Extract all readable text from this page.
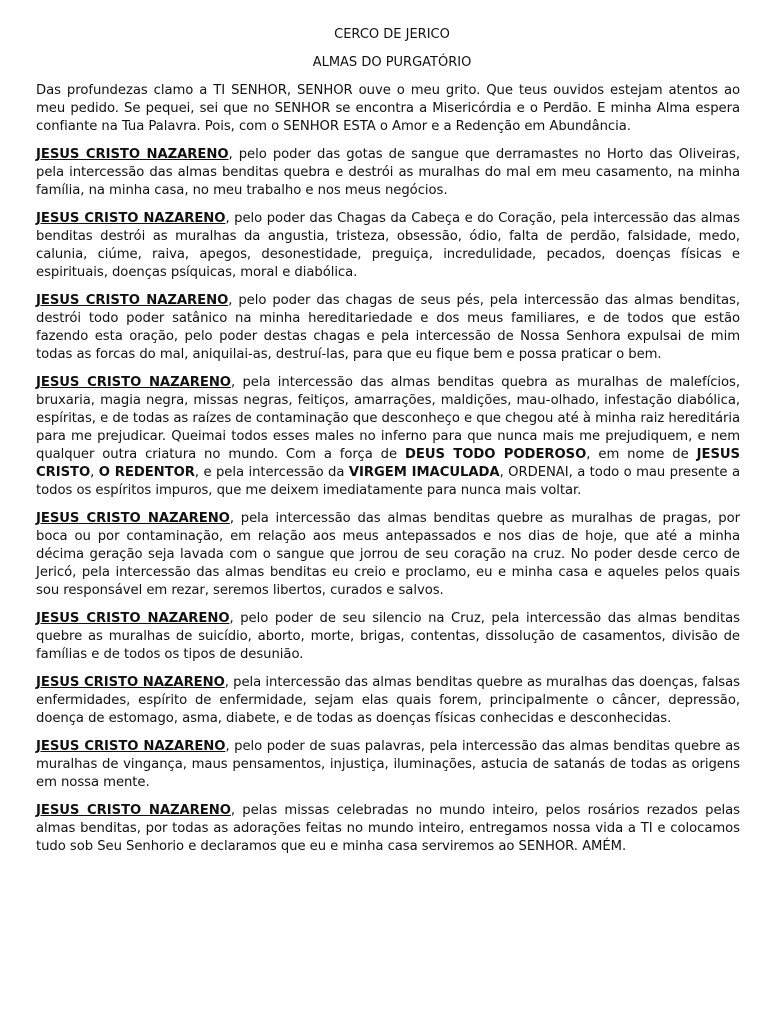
CERCO DE JERICO
ALMAS DO PURGATÓRIO

Das profundezas clamo a TI SENHOR, SENHOR ouve o meu grito. Que teus ouvidos estejam atentos ao meu pedido. Se pequei, sei que no SENHOR se encontra a Misericórdia e o Perdão. E minha Alma espera confiante na Tua Palavra. Pois, com o SENHOR ESTA o Amor e a Redenção em Abundância.

JESUS CRISTO NAZARENO, pelo poder das gotas de sangue que derramastes no Horto das Oliveiras, pela intercessão das almas benditas quebra e destrói as muralhas do mal em meu casamento, na minha família, na minha casa, no meu trabalho e nos meus negócios.

JESUS CRISTO NAZARENO, pelo poder das Chagas da Cabeça e do Coração, pela intercessão das almas benditas destrói as muralhas da angustia, tristeza, obsessão, ódio, falta de perdão, falsidade, medo, calunia, ciúme, raiva, apegos, desonestidade, preguiça, incredulidade, pecados, doenças físicas e espirituais, doenças psíquicas, moral e diabólica.

JESUS CRISTO NAZARENO, pelo poder das chagas de seus pés, pela intercessão das almas benditas, destrói todo poder satânico na minha hereditariedade e dos meus familiares, e de todos que estão fazendo esta oração, pelo poder destas chagas e pela intercessão de Nossa Senhora expulsai de mim todas as forcas do mal, aniquilai-as, destruí-las, para que eu fique bem e possa praticar o bem.

JESUS CRISTO NAZARENO, pela intercessão das almas benditas quebra as muralhas de malefícios, bruxaria, magia negra, missas negras, feitiços, amarrações, maldições, mau-olhado, infestação diabólica, espíritas, e de todas as raízes de contaminação que desconheço e que chegou até à minha raiz hereditária para me prejudicar. Queimai todos esses males no inferno para que nunca mais me prejudiquem, e nem qualquer outra criatura no mundo. Com a força de DEUS TODO PODEROSO, em nome de JESUS CRISTO, O REDENTOR, e pela intercessão da VIRGEM IMACULADA, ORDENAI, a todo o mau presente a todos os espíritos impuros, que me deixem imediatamente para nunca mais voltar.

JESUS CRISTO NAZARENO, pela intercessão das almas benditas quebre as muralhas de pragas, por boca ou por contaminação, em relação aos meus antepassados e nos dias de hoje, que até a minha décima geração seja lavada com o sangue que jorrou de seu coração na cruz. No poder desde cerco de Jericó, pela intercessão das almas benditas eu creio e proclamo, eu e minha casa e aqueles pelos quais sou responsável em rezar, seremos libertos, curados e salvos.

JESUS CRISTO NAZARENO, pelo poder de seu silencio na Cruz, pela intercessão das almas benditas quebre as muralhas de suicídio, aborto, morte, brigas, contentas, dissolução de casamentos, divisão de famílias e de todos os tipos de desunião.

JESUS CRISTO NAZARENO, pela intercessão das almas benditas quebre as muralhas das doenças, falsas enfermidades, espírito de enfermidade, sejam elas quais forem, principalmente o câncer, depressão, doença de estomago, asma, diabete, e de todas as doenças físicas conhecidas e desconhecidas.

JESUS CRISTO NAZARENO, pelo poder de suas palavras, pela intercessão das almas benditas quebre as muralhas de vingança, maus pensamentos, injustiça, iluminações, astucia de satanás de todas as origens em nossa mente.

JESUS CRISTO NAZARENO, pelas missas celebradas no mundo inteiro, pelos rosários rezados pelas almas benditas, por todas as adorações feitas no mundo inteiro, entregamos nossa vida a TI e colocamos tudo sob Seu Senhorio e declaramos que eu e minha casa serviremos ao SENHOR. AMÉM.
